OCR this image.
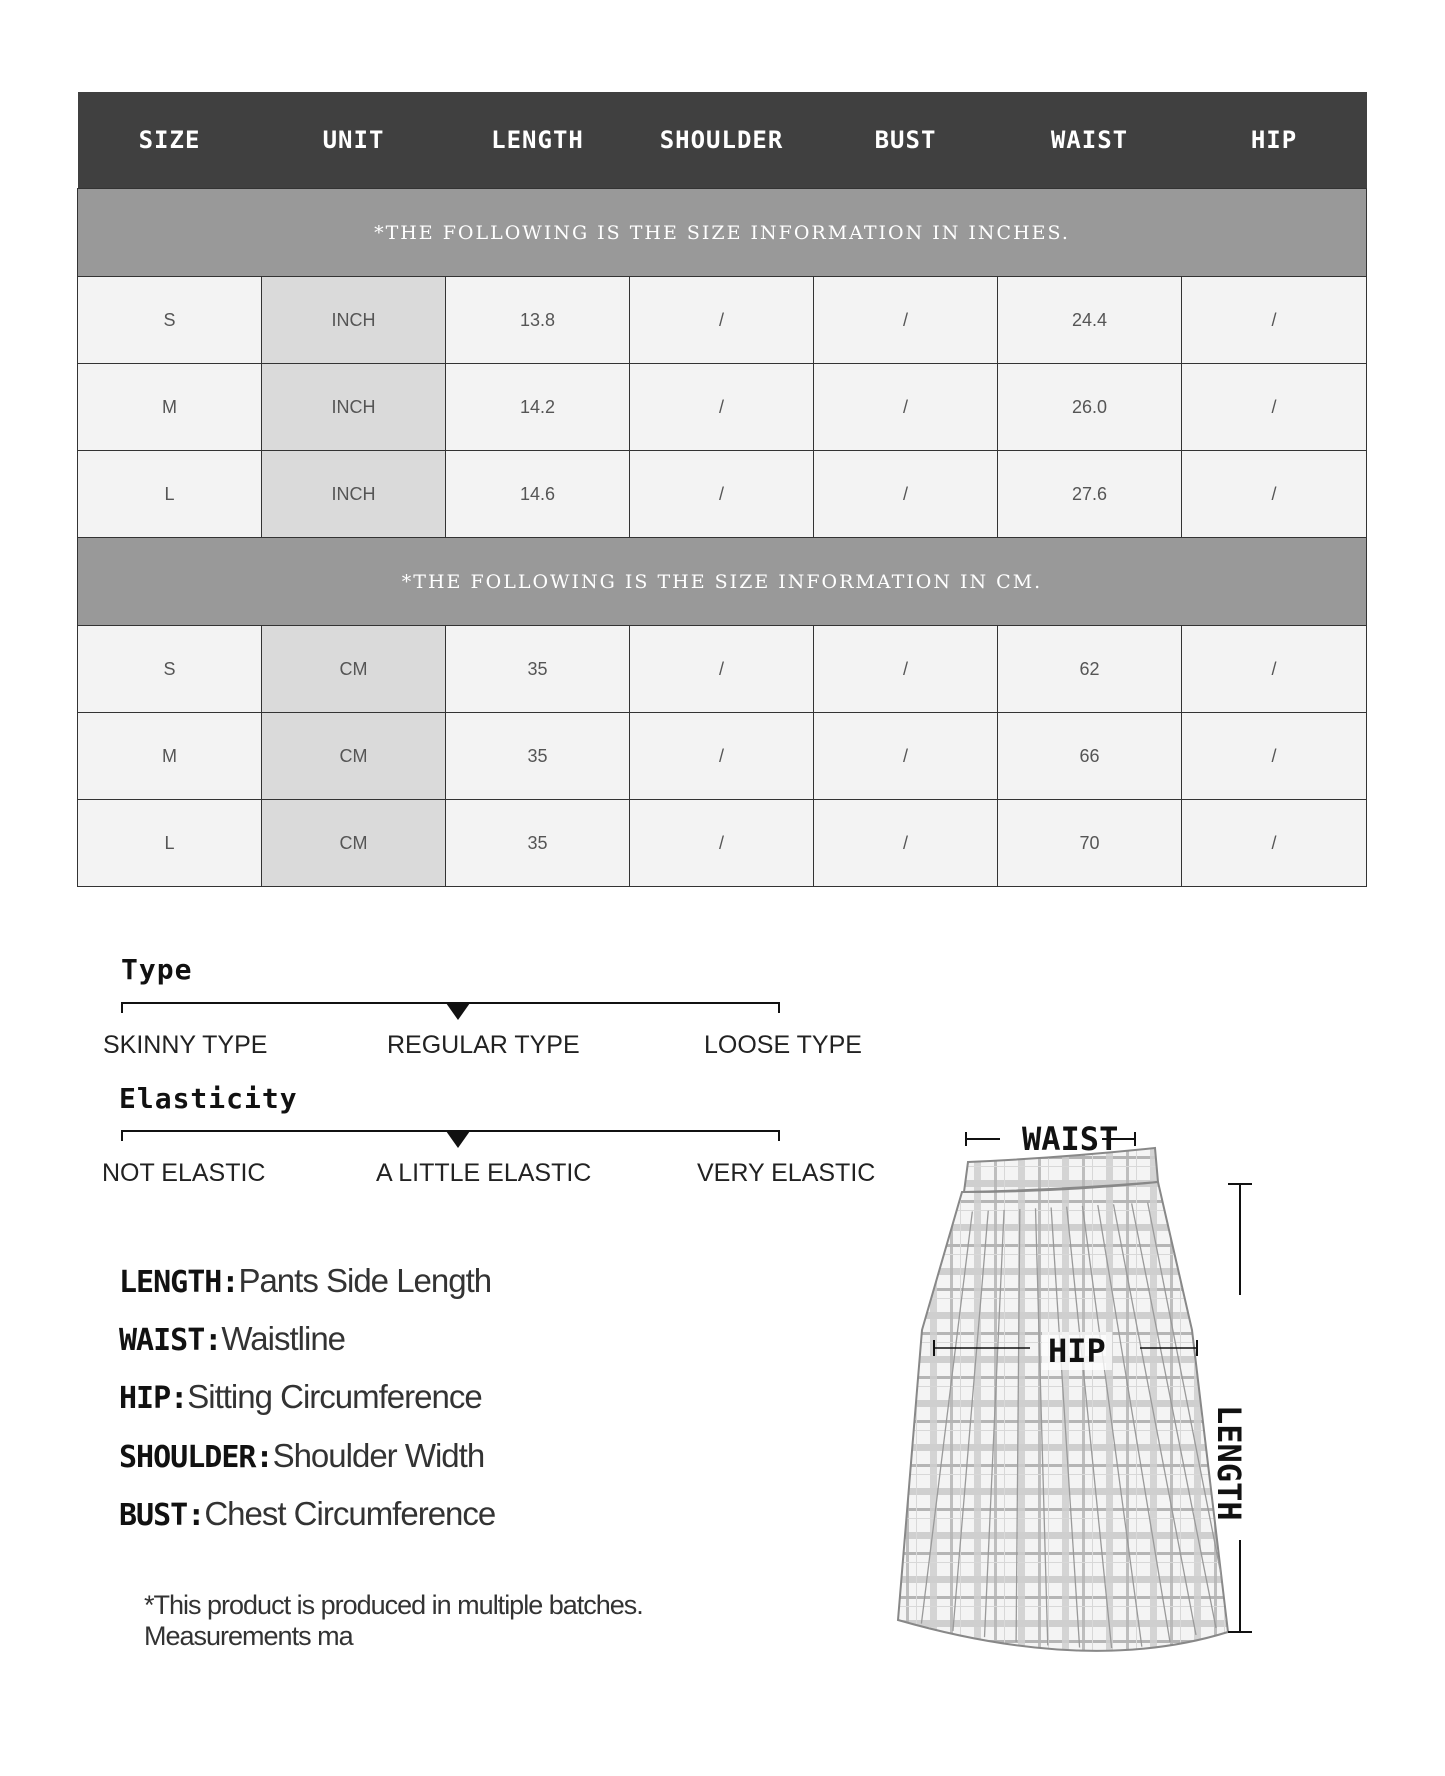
SIZE	UNIT	LENGTH	SHOULDER	BUST	WAIST	HIP
*THE FOLLOWING IS THE SIZE INFORMATION IN INCHES.						
S	INCH	13.8	/	/	24.4	/
M	INCH	14.2	/	/	26.0	/
L	INCH	14.6	/	/	27.6	/
*THE FOLLOWING IS THE SIZE INFORMATION IN CM.						
S	CM	35	/	/	62	/
M	CM	35	/	/	66	/
L	CM	35	/	/	70	/
Type
SKINNY TYPE	REGULAR TYPE	LOOSE TYPE
Elasticity
NOT ELASTIC	A LITTLE ELASTIC	VERY ELASTIC
LENGTH:Pants Side Length
WAIST:Waistline
HIP:Sitting Circumference
SHOULDER:Shoulder Width
BUST:Chest Circumference
*This product is produced in multiple batches. Measurements ma
WAIST
HIP
LENGTH
